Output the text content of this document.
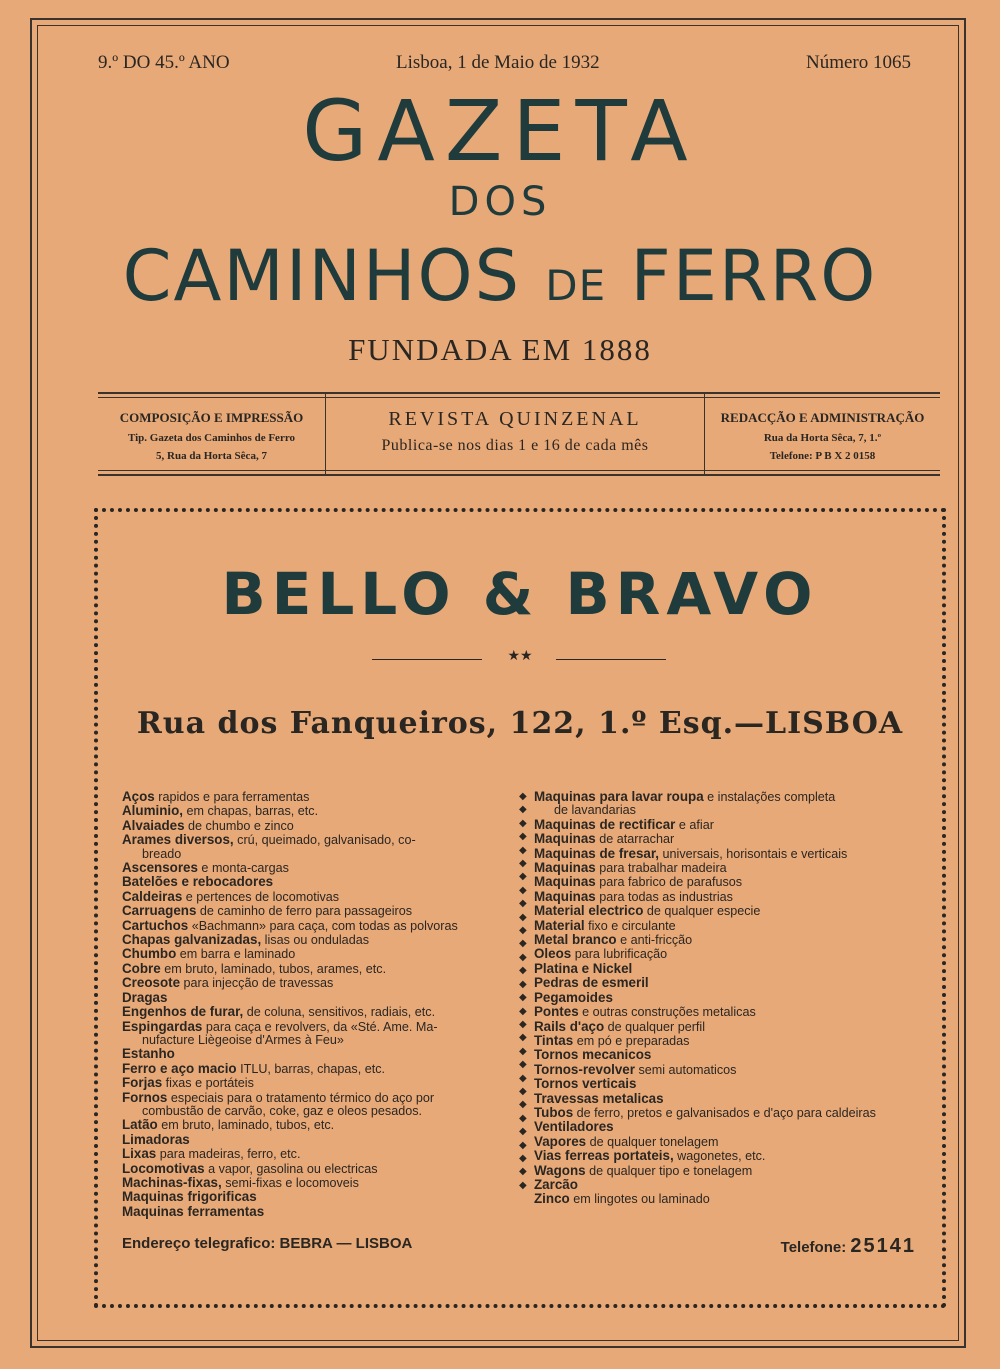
9.º DO 45.º ANO	Lisboa, 1 de Maio de 1932	Número 1065
GAZETA
DOS
CAMINHOS DE FERRO
FUNDADA EM 1888
COMPOSIÇÃO E IMPRESSÃO
Tip. Gazeta dos Caminhos de Ferro
5, Rua da Horta Sêca, 7
REVISTA QUINZENAL
Publica-se nos dias 1 e 16 de cada mês
REDACÇÃO E ADMINISTRAÇÃO
Rua da Horta Sêca, 7, 1.º
Telefone: P B X 2 0158
BELLO & BRAVO
★★
Rua dos Fanqueiros, 122, 1.º Esq.—LISBOA
Aços rapidos e para ferramentas
Aluminio, em chapas, barras, etc.
Alvaiades de chumbo e zinco
Arames diversos, crú, queimado, galvanisado, co-
breado
Ascensores e monta-cargas
Batelões e rebocadores
Caldeiras e pertences de locomotivas
Carruagens de caminho de ferro para passageiros
Cartuchos «Bachmann» para caça, com todas as polvoras
Chapas galvanizadas, lisas ou onduladas
Chumbo em barra e laminado
Cobre em bruto, laminado, tubos, arames, etc.
Creosote para injecção de travessas
Dragas
Engenhos de furar, de coluna, sensitivos, radiais, etc.
Espingardas para caça e revolvers, da «Sté. Ame. Ma-
nufacture Liègeoise d'Armes à Feu»
Estanho
Ferro e aço macio ITLU, barras, chapas, etc.
Forjas fixas e portáteis
Fornos especiais para o tratamento térmico do aço por
combustão de carvão, coke, gaz e oleos pesados.
Latão em bruto, laminado, tubos, etc.
Limadoras
Lixas para madeiras, ferro, etc.
Locomotivas a vapor, gasolina ou electricas
Machinas-fixas, semi-fixas e locomoveis
Maquinas frigorificas
Maquinas ferramentas
◆
◆
◆
◆
◆
◆
◆
◆
◆
◆
◆
◆
◆
◆
◆
◆
◆
◆
◆
◆
◆
◆
◆
◆
◆
◆
◆
◆
◆
◆
Maquinas para lavar roupa e instalações completa
de lavandarias
Maquinas de rectificar e afiar
Maquinas de atarrachar
Maquinas de fresar, universais, horisontais e verticais
Maquinas para trabalhar madeira
Maquinas para fabrico de parafusos
Maquinas para todas as industrias
Material electrico de qualquer especie
Material fixo e circulante
Metal branco e anti-fricção
Oleos para lubrificação
Platina e Nickel
Pedras de esmeril
Pegamoides
Pontes e outras construções metalicas
Rails d'aço de qualquer perfil
Tintas em pó e preparadas
Tornos mecanicos
Tornos-revolver semi automaticos
Tornos verticais
Travessas metalicas
Tubos de ferro, pretos e galvanisados e d'aço para caldeiras
Ventiladores
Vapores de qualquer tonelagem
Vias ferreas portateis, wagonetes, etc.
Wagons de qualquer tipo e tonelagem
Zarcão
Zinco em lingotes ou laminado
Endereço telegrafico: BEBRA — LISBOA	Telefone: 25141
